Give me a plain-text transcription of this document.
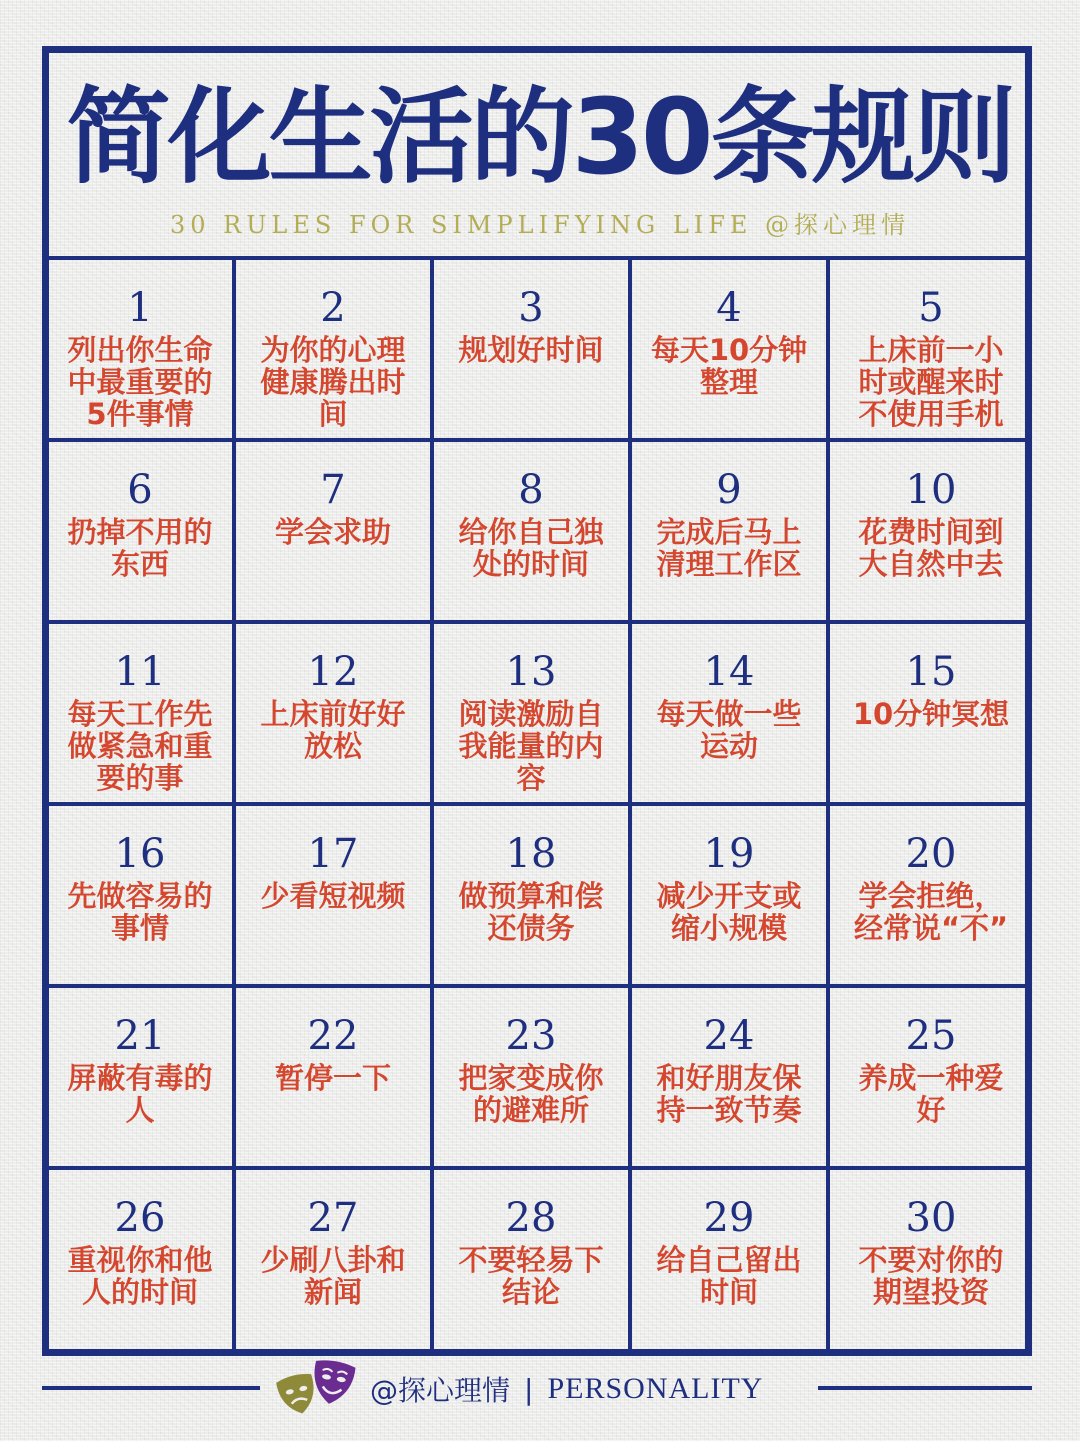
简化生活的30条规则
30 RULES FOR SIMPLIFYING LIFE @探心理情
1
列出你生命中最重要的5件事情
2
为你的心理健康腾出时间
3
规划好时间
4
每天10分钟整理
5
上床前一小时或醒来时不使用手机
6
扔掉不用的东西
7
学会求助
8
给你自己独处的时间
9
完成后马上清理工作区
10
花费时间到大自然中去
11
每天工作先做紧急和重要的事
12
上床前好好放松
13
阅读激励自我能量的内容
14
每天做一些运动
15
10分钟冥想
16
先做容易的事情
17
少看短视频
18
做预算和偿还债务
19
减少开支或缩小规模
20
学会拒绝，经常说“不”
21
屏蔽有毒的人
22
暂停一下
23
把家变成你的避难所
24
和好朋友保持一致节奏
25
养成一种爱好
26
重视你和他人的时间
27
少刷八卦和新闻
28
不要轻易下结论
29
给自己留出时间
30
不要对你的期望投资
@探心理情 | PERSONALITY
